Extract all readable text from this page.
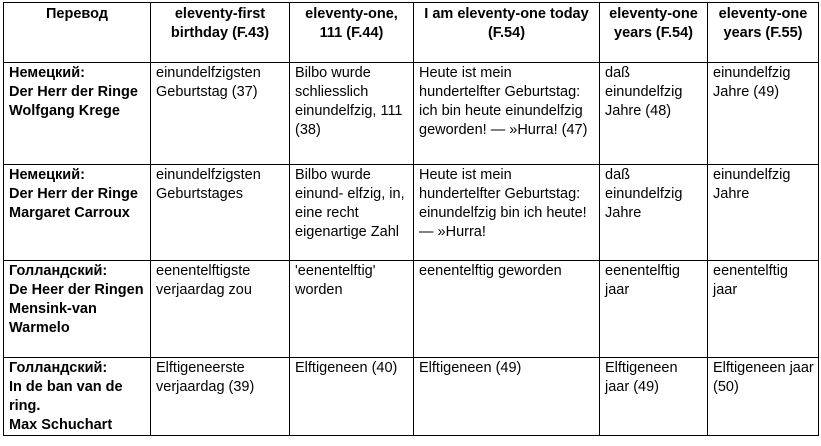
Перевод	eleventy-first birthday (F.43)	eleventy-one, 111 (F.44)	I am eleventy-one today (F.54)	eleventy-one years (F.54)	eleventy-one years (F.55)

Немецкий:
Der Herr der Ringe
Wolfgang Krege	einundelfzigsten Geburtstag (37)	Bilbo wurde schliesslich einundelfzig, 111 (38)	Heute ist mein hundertelfter Geburtstag: ich bin heute einundelfzig geworden! — »Hurra! (47)	daß einundelfzig Jahre (48)	einundelfzig Jahre (49)

Немецкий:
Der Herr der Ringe
Margaret Carroux	einundelfzigsten Geburtstages	Bilbo wurde einund- elfzig, in, eine recht eigenartige Zahl	Heute ist mein hundertelfter Geburtstag: einundelfzig bin ich heute! — »Hurra!	daß einundelfzig Jahre	einundelfzig Jahre

Голландский:
De Heer der Ringen
Mensink-van Warmelo	eenentelftigste verjaardag zou	'eenentelftig' worden	eenentelftig geworden	eenentelftig jaar	eenentelftig jaar

Голландский:
In de ban van de ring.
Max Schuchart	Elftigeneerste verjaardag (39)	Elftigeneen (40)	Elftigeneen (49)	Elftigeneen jaar (49)	Elftigeneen jaar (50)
